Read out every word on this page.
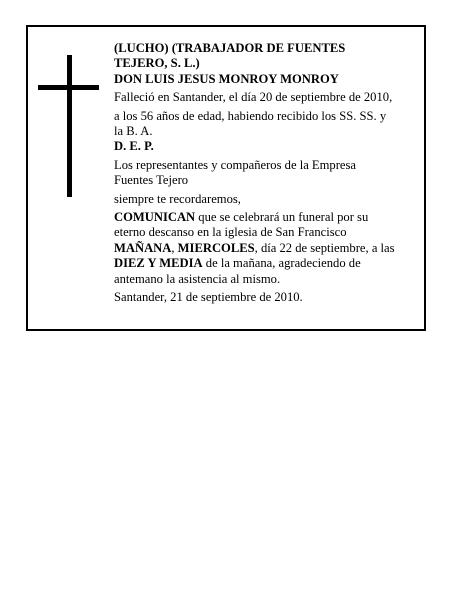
(LUCHO) (TRABAJADOR DE FUENTES
TEJERO, S. L.)
DON LUIS JESUS MONROY MONROY
Falleció en Santander, el día 20 de septiembre de 2010,
a los 56 años de edad, habiendo recibido los SS. SS. y
la B. A.
D. E. P.
Los representantes y compañeros de la Empresa
Fuentes Tejero
siempre te recordaremos,
COMUNICAN que se celebrará un funeral por su
eterno descanso en la iglesia de San Francisco
MAÑANA, MIERCOLES, día 22 de septiembre, a las
DIEZ Y MEDIA de la mañana, agradeciendo de
antemano la asistencia al mismo.
Santander, 21 de septiembre de 2010.
